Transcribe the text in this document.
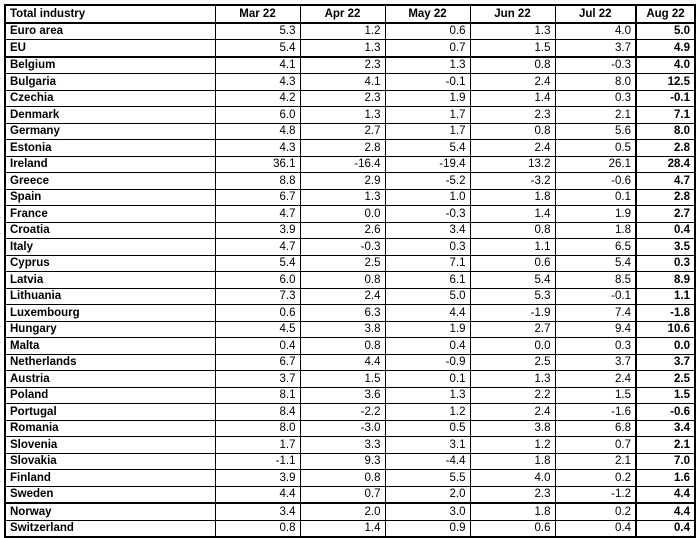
Total industry	Mar 22	Apr 22	May 22	Jun 22	Jul 22	Aug 22
Euro area	5.3	1.2	0.6	1.3	4.0	5.0
EU	5.4	1.3	0.7	1.5	3.7	4.9
Belgium	4.1	2.3	1.3	0.8	-0.3	4.0
Bulgaria	4.3	4.1	-0.1	2.4	8.0	12.5
Czechia	4.2	2.3	1.9	1.4	0.3	-0.1
Denmark	6.0	1.3	1.7	2.3	2.1	7.1
Germany	4.8	2.7	1.7	0.8	5.6	8.0
Estonia	4.3	2.8	5.4	2.4	0.5	2.8
Ireland	36.1	-16.4	-19.4	13.2	26.1	28.4
Greece	8.8	2.9	-5.2	-3.2	-0.6	4.7
Spain	6.7	1.3	1.0	1.8	0.1	2.8
France	4.7	0.0	-0.3	1.4	1.9	2.7
Croatia	3.9	2.6	3.4	0.8	1.8	0.4
Italy	4.7	-0.3	0.3	1.1	6.5	3.5
Cyprus	5.4	2.5	7.1	0.6	5.4	0.3
Latvia	6.0	0.8	6.1	5.4	8.5	8.9
Lithuania	7.3	2.4	5.0	5.3	-0.1	1.1
Luxembourg	0.6	6.3	4.4	-1.9	7.4	-1.8
Hungary	4.5	3.8	1.9	2.7	9.4	10.6
Malta	0.4	0.8	0.4	0.0	0.3	0.0
Netherlands	6.7	4.4	-0.9	2.5	3.7	3.7
Austria	3.7	1.5	0.1	1.3	2.4	2.5
Poland	8.1	3.6	1.3	2.2	1.5	1.5
Portugal	8.4	-2.2	1.2	2.4	-1.6	-0.6
Romania	8.0	-3.0	0.5	3.8	6.8	3.4
Slovenia	1.7	3.3	3.1	1.2	0.7	2.1
Slovakia	-1.1	9.3	-4.4	1.8	2.1	7.0
Finland	3.9	0.8	5.5	4.0	0.2	1.6
Sweden	4.4	0.7	2.0	2.3	-1.2	4.4
Norway	3.4	2.0	3.0	1.8	0.2	4.4
Switzerland	0.8	1.4	0.9	0.6	0.4	0.4
